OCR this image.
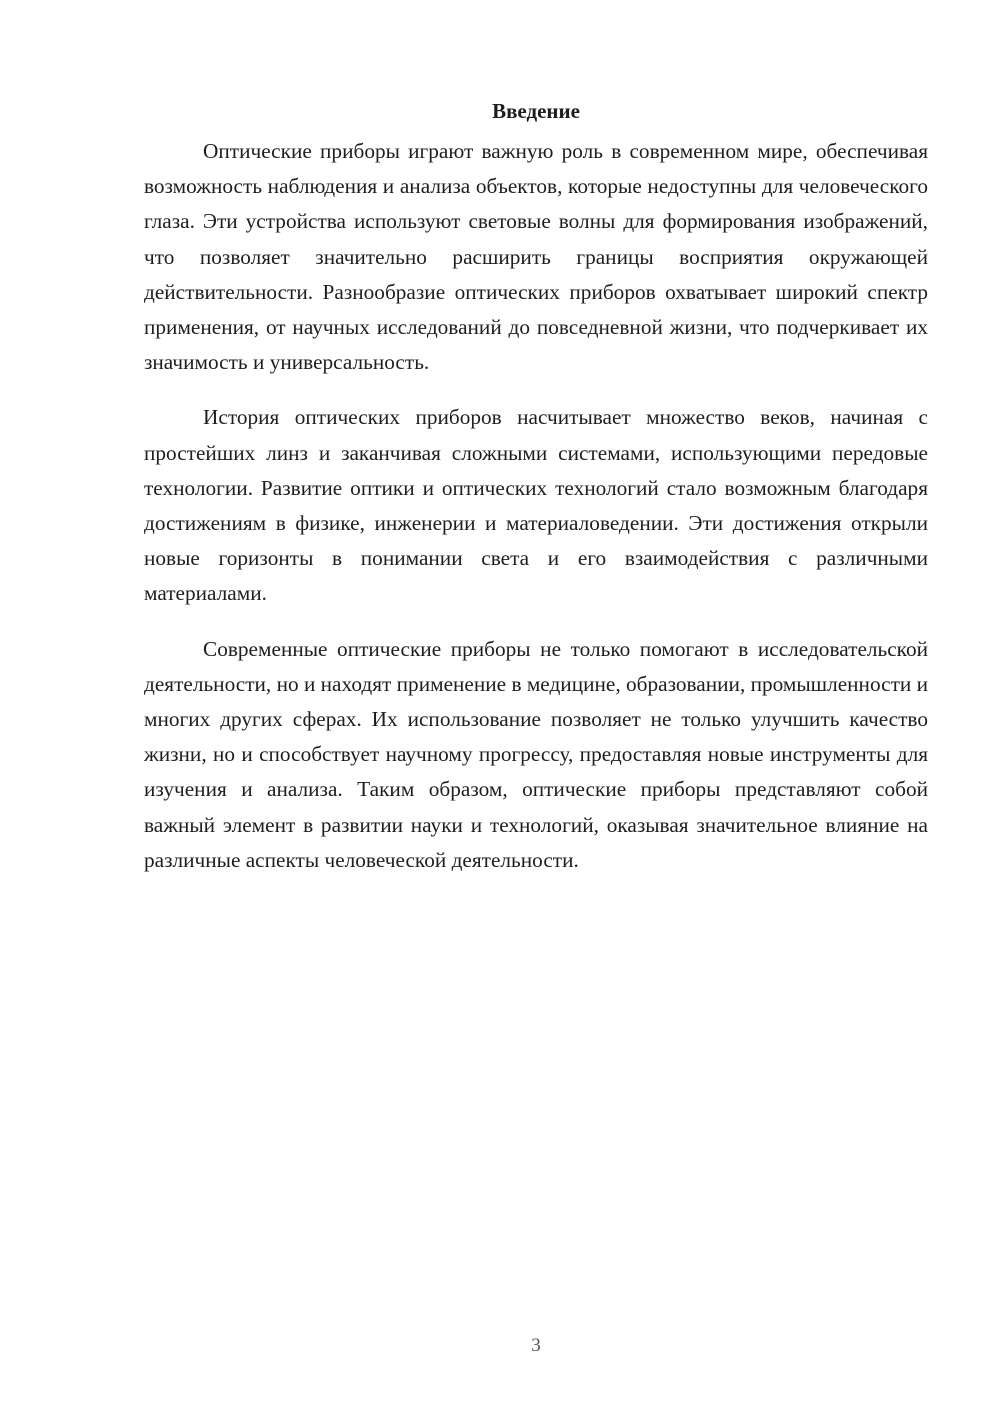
Введение

Оптические приборы играют важную роль в современном мире, обеспечивая возможность наблюдения и анализа объектов, которые недоступны для человеческого глаза. Эти устройства используют световые волны для формирования изображений, что позволяет значительно расширить границы восприятия окружающей действительности. Разнообразие оптических приборов охватывает широкий спектр применения, от научных исследований до повседневной жизни, что подчеркивает их значимость и универсальность.

История оптических приборов насчитывает множество веков, начиная с простейших линз и заканчивая сложными системами, использующими передовые технологии. Развитие оптики и оптических технологий стало возможным благодаря достижениям в физике, инженерии и материаловедении. Эти достижения открыли новые горизонты в понимании света и его взаимодействия с различными материалами.

Современные оптические приборы не только помогают в исследовательской деятельности, но и находят применение в медицине, образовании, промышленности и многих других сферах. Их использование позволяет не только улучшить качество жизни, но и способствует научному прогрессу, предоставляя новые инструменты для изучения и анализа. Таким образом, оптические приборы представляют собой важный элемент в развитии науки и технологий, оказывая значительное влияние на различные аспекты человеческой деятельности.

3
